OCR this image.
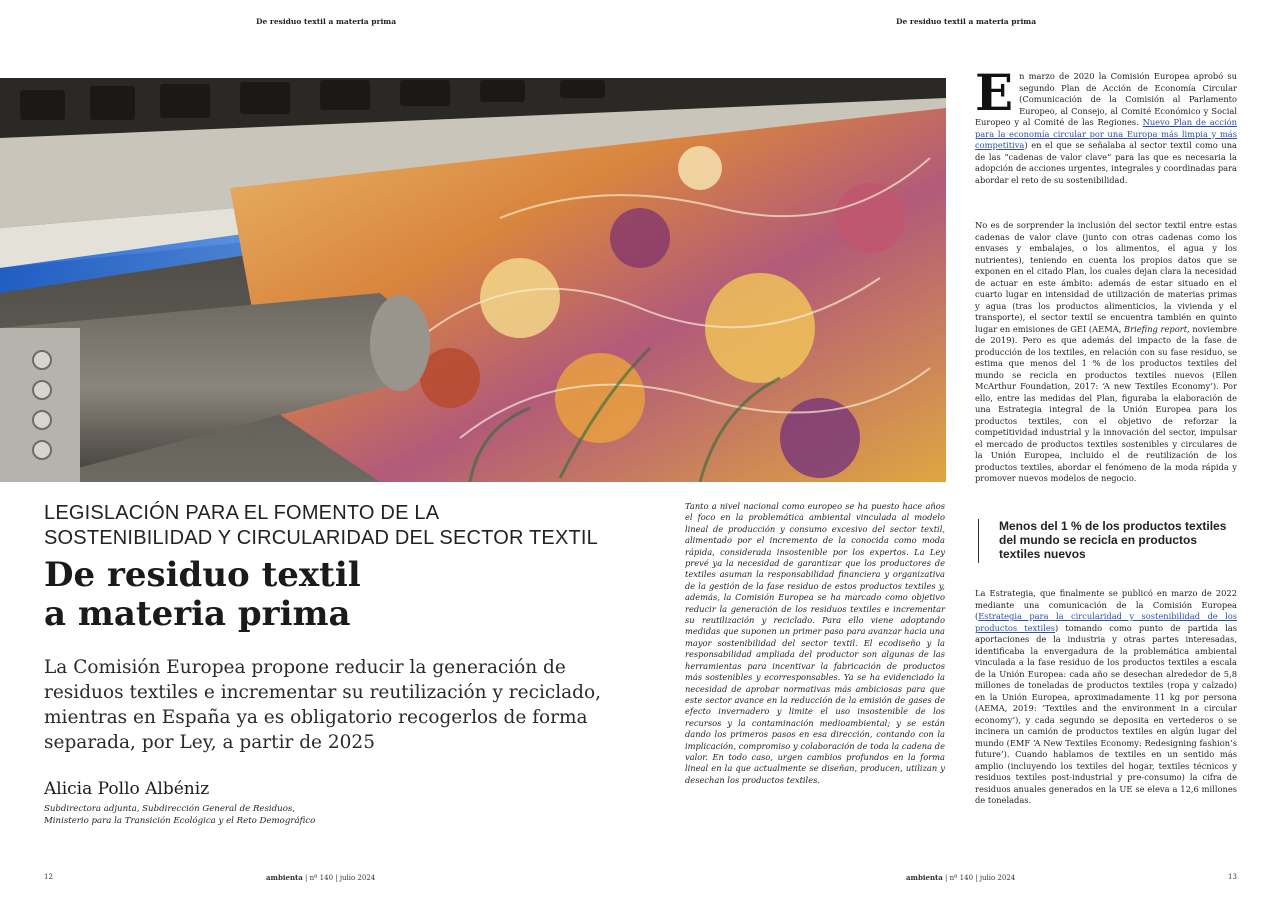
De residuo textil a materia prima	De residuo textil a materia prima
LEGISLACIÓN PARA EL FOMENTO DE LA
SOSTENIBILIDAD Y CIRCULARIDAD DEL SECTOR TEXTIL
De residuo textil
a materia prima
La Comisión Europea propone reducir la generación de residuos textiles e incrementar su reutilización y reciclado, mientras en España ya es obligatorio recogerlos de forma separada, por Ley, a partir de 2025
Alicia Pollo Albéniz
Subdirectora adjunta, Subdirección General de Residuos,
Ministerio para la Transición Ecológica y el Reto Demográfico
Tanto a nivel nacional como europeo se ha puesto hace años el foco en la problemática ambiental vinculada al modelo lineal de producción y consumo excesivo del sector textil, alimentado por el incremento de la conocida como moda rápida, considerada insostenible por los expertos. La Ley prevé ya la necesidad de garantizar que los productores de textiles asuman la responsabilidad financiera y organizativa de la gestión de la fase residuo de estos productos textiles y, además, la Comisión Europea se ha marcado como objetivo reducir la generación de los residuos textiles e incrementar su reutilización y reciclado. Para ello viene adoptando medidas que suponen un primer paso para avanzar hacia una mayor sostenibilidad del sector textil. El ecodiseño y la responsabilidad ampliada del productor son algunas de las herramientas para incentivar la fabricación de productos más sostenibles y ecorresponsables. Ya se ha evidenciado la necesidad de aprobar normativas más ambiciosas para que este sector avance en la reducción de la emisión de gases de efecto invernadero y limite el uso insostenible de los recursos y la contaminación medioambiental; y se están dando los primeros pasos en esa dirección, contando con la implicación, compromiso y colaboración de toda la cadena de valor. En todo caso, urgen cambios profundos en la forma lineal en la que actualmente se diseñan, producen, utilizan y desechan los productos textiles.

En marzo de 2020 la Comisión Europea aprobó su segundo Plan de Acción de Economía Circular (Comunicación de la Comisión al Parlamento Europeo, al Consejo, al Comité Económico y Social Europeo y al Comité de las Regiones. Nuevo Plan de acción para la economía circular por una Europa más limpia y más competitiva) en el que se señalaba al sector textil como una de las “cadenas de valor clave” para las que es necesaria la adopción de acciones urgentes, integrales y coordinadas para abordar el reto de su sostenibilidad.

No es de sorprender la inclusión del sector textil entre estas cadenas de valor clave (junto con otras cadenas como los envases y embalajes, o los alimentos, el agua y los nutrientes), teniendo en cuenta los propios datos que se exponen en el citado Plan, los cuales dejan clara la necesidad de actuar en este ámbito: además de estar situado en el cuarto lugar en intensidad de utilización de materias primas y agua (tras los productos alimenticios, la vivienda y el transporte), el sector textil se encuentra también en quinto lugar en emisiones de GEI (AEMA, Briefing report, noviembre de 2019). Pero es que además del impacto de la fase de producción de los textiles, en relación con su fase residuo, se estima que menos del 1 % de los productos textiles del mundo se recicla en productos textiles nuevos (Ellen McArthur Foundation, 2017: ‘A new Textiles Economy’). Por ello, entre las medidas del Plan, figuraba la elaboración de una Estrategia integral de la Unión Europea para los productos textiles, con el objetivo de reforzar la competitividad industrial y la innovación del sector, impulsar el mercado de productos textiles sostenibles y circulares de la Unión Europea, incluido el de reutilización de los productos textiles, abordar el fenómeno de la moda rápida y promover nuevos modelos de negocio.

Menos del 1 % de los productos textiles del mundo se recicla en productos textiles nuevos

La Estrategia, que finalmente se publicó en marzo de 2022 mediante una comunicación de la Comisión Europea (Estrategia para la circularidad y sostenibilidad de los productos textiles) tomando como punto de partida las aportaciones de la industria y otras partes interesadas, identificaba la envergadura de la problemática ambiental vinculada a la fase residuo de los productos textiles a escala de la Unión Europea: cada año se desechan alrededor de 5,8 millones de toneladas de productos textiles (ropa y calzado) en la Unión Europea, aproximadamente 11 kg por persona (AEMA, 2019: ‘Textiles and the environment in a circular economy’), y cada segundo se deposita en vertederos o se incinera un camión de productos textiles en algún lugar del mundo (EMF ‘A New Textiles Economy: Redesigning fashion’s future’). Cuando hablamos de textiles en un sentido más amplio (incluyendo los textiles del hogar, textiles técnicos y residuos textiles post-industrial y pre-consumo) la cifra de residuos anuales generados en la UE se eleva a 12,6 millones de toneladas.

12	ambienta | nº 140 | julio 2024	ambienta | nº 140 | julio 2024	13
